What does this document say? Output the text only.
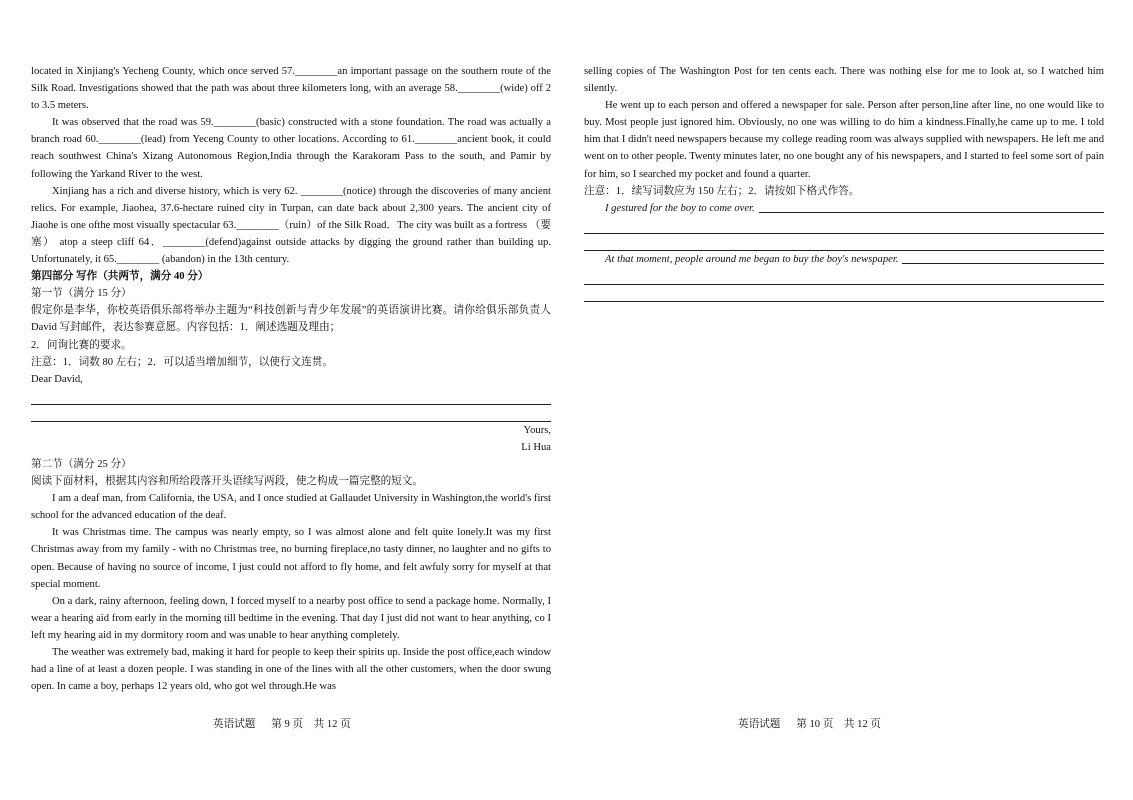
located in Xinjiang's Yecheng County, which once served 57.________an important passage on the southern route of the Silk Road. Investigations showed that the path was about three kilometers long, with an average 58.________(wide) off 2 to 3.5 meters.

It was observed that the road was 59.________(basic) constructed with a stone foundation. The road was actually a branch road 60.________(lead) from Yeceng County to other locations. According to 61.________ancient book, it could reach southwest China's Xizang Autonomous Region,India through the Karakoram Pass to the south, and Pamir by following the Yarkand River to the west.

Xinjiang has a rich and diverse history, which is very 62. ________(notice) through the discoveries of many ancient relics. For example, Jiaohea, 37.6-hectare ruined city in Turpan, can date back about 2,300 years. The ancient city of Jiaohe is one ofthe most visually spectacular 63.________（ruin）of the Silk Road．The city was built as a fortress （要塞） atop a steep cliff 64．________(defend)against outside attacks by digging the ground rather than building up. Unfortunately, it 65.________ (abandon) in the 13th century.

第四部分 写作（共两节，满分 40 分）

第一节（满分 15 分）

假定你是李华，你校英语俱乐部将举办主题为“科技创新与青少年发展”的英语演讲比赛。请你给俱乐部负责人 David 写封邮件，表达参赛意愿。内容包括：1．阐述选题及理由；

2．问询比赛的要求。

注意：1．词数 80 左右；2．可以适当增加细节，以使行文连贯。

Dear David,

Yours,

Li Hua

第二节（满分 25 分）

阅读下面材料，根据其内容和所给段落开头语续写两段，使之构成一篇完整的短文。

I am a deaf man, from California, the USA, and I once studied at Gallaudet University in Washington,the world's first school for the advanced education of the deaf.

It was Christmas time. The campus was nearly empty, so I was almost alone and felt quite lonely.It was my first Christmas away from my family - with no Christmas tree, no burning fireplace,no tasty dinner, no laughter and no gifts to open. Because of having no source of income, I just could not afford to fly home, and felt awfuly sorry for myself at that special moment.

On a dark, rainy afternoon, feeling down, I forced myself to a nearby post office to send a package home. Normally, I wear a hearing aid from early in the morning till bedtime in the evening. That day I just did not want to hear anything, co I left my hearing aid in my dormitory room and was unable to hear anything completely.

The weather was extremely bad, making it hard for people to keep their spirits up. Inside the post office,each window had a line of at least a dozen people. I was standing in one of the lines with all the other customers, when the door swung open. In came a boy, perhaps 12 years old, who got wel through.He was

selling copies of The Washington Post for ten cents each. There was nothing else for me to look at, so I watched him silently.

He went up to each person and offered a newspaper for sale. Person after person,line after line, no one would like to buy. Most people just ignored him. Obviously, no one was willing to do him a kindness.Finally,he came up to me. I told him that I didn't need newspapers because my college reading room was always supplied with newspapers. He left me and went on to other people. Twenty minutes later, no one bought any of his newspapers, and I started to feel some sort of pain for him, so I searched my pocket and found a quarter.

注意：1．续写词数应为 150 左右；2．请按如下格式作答。

I gestured for the boy to come over.
At that moment, people around me began to buy the boy's newspaper.
英语试题      第 9 页    共 12 页	英语试题      第 10 页    共 12 页
